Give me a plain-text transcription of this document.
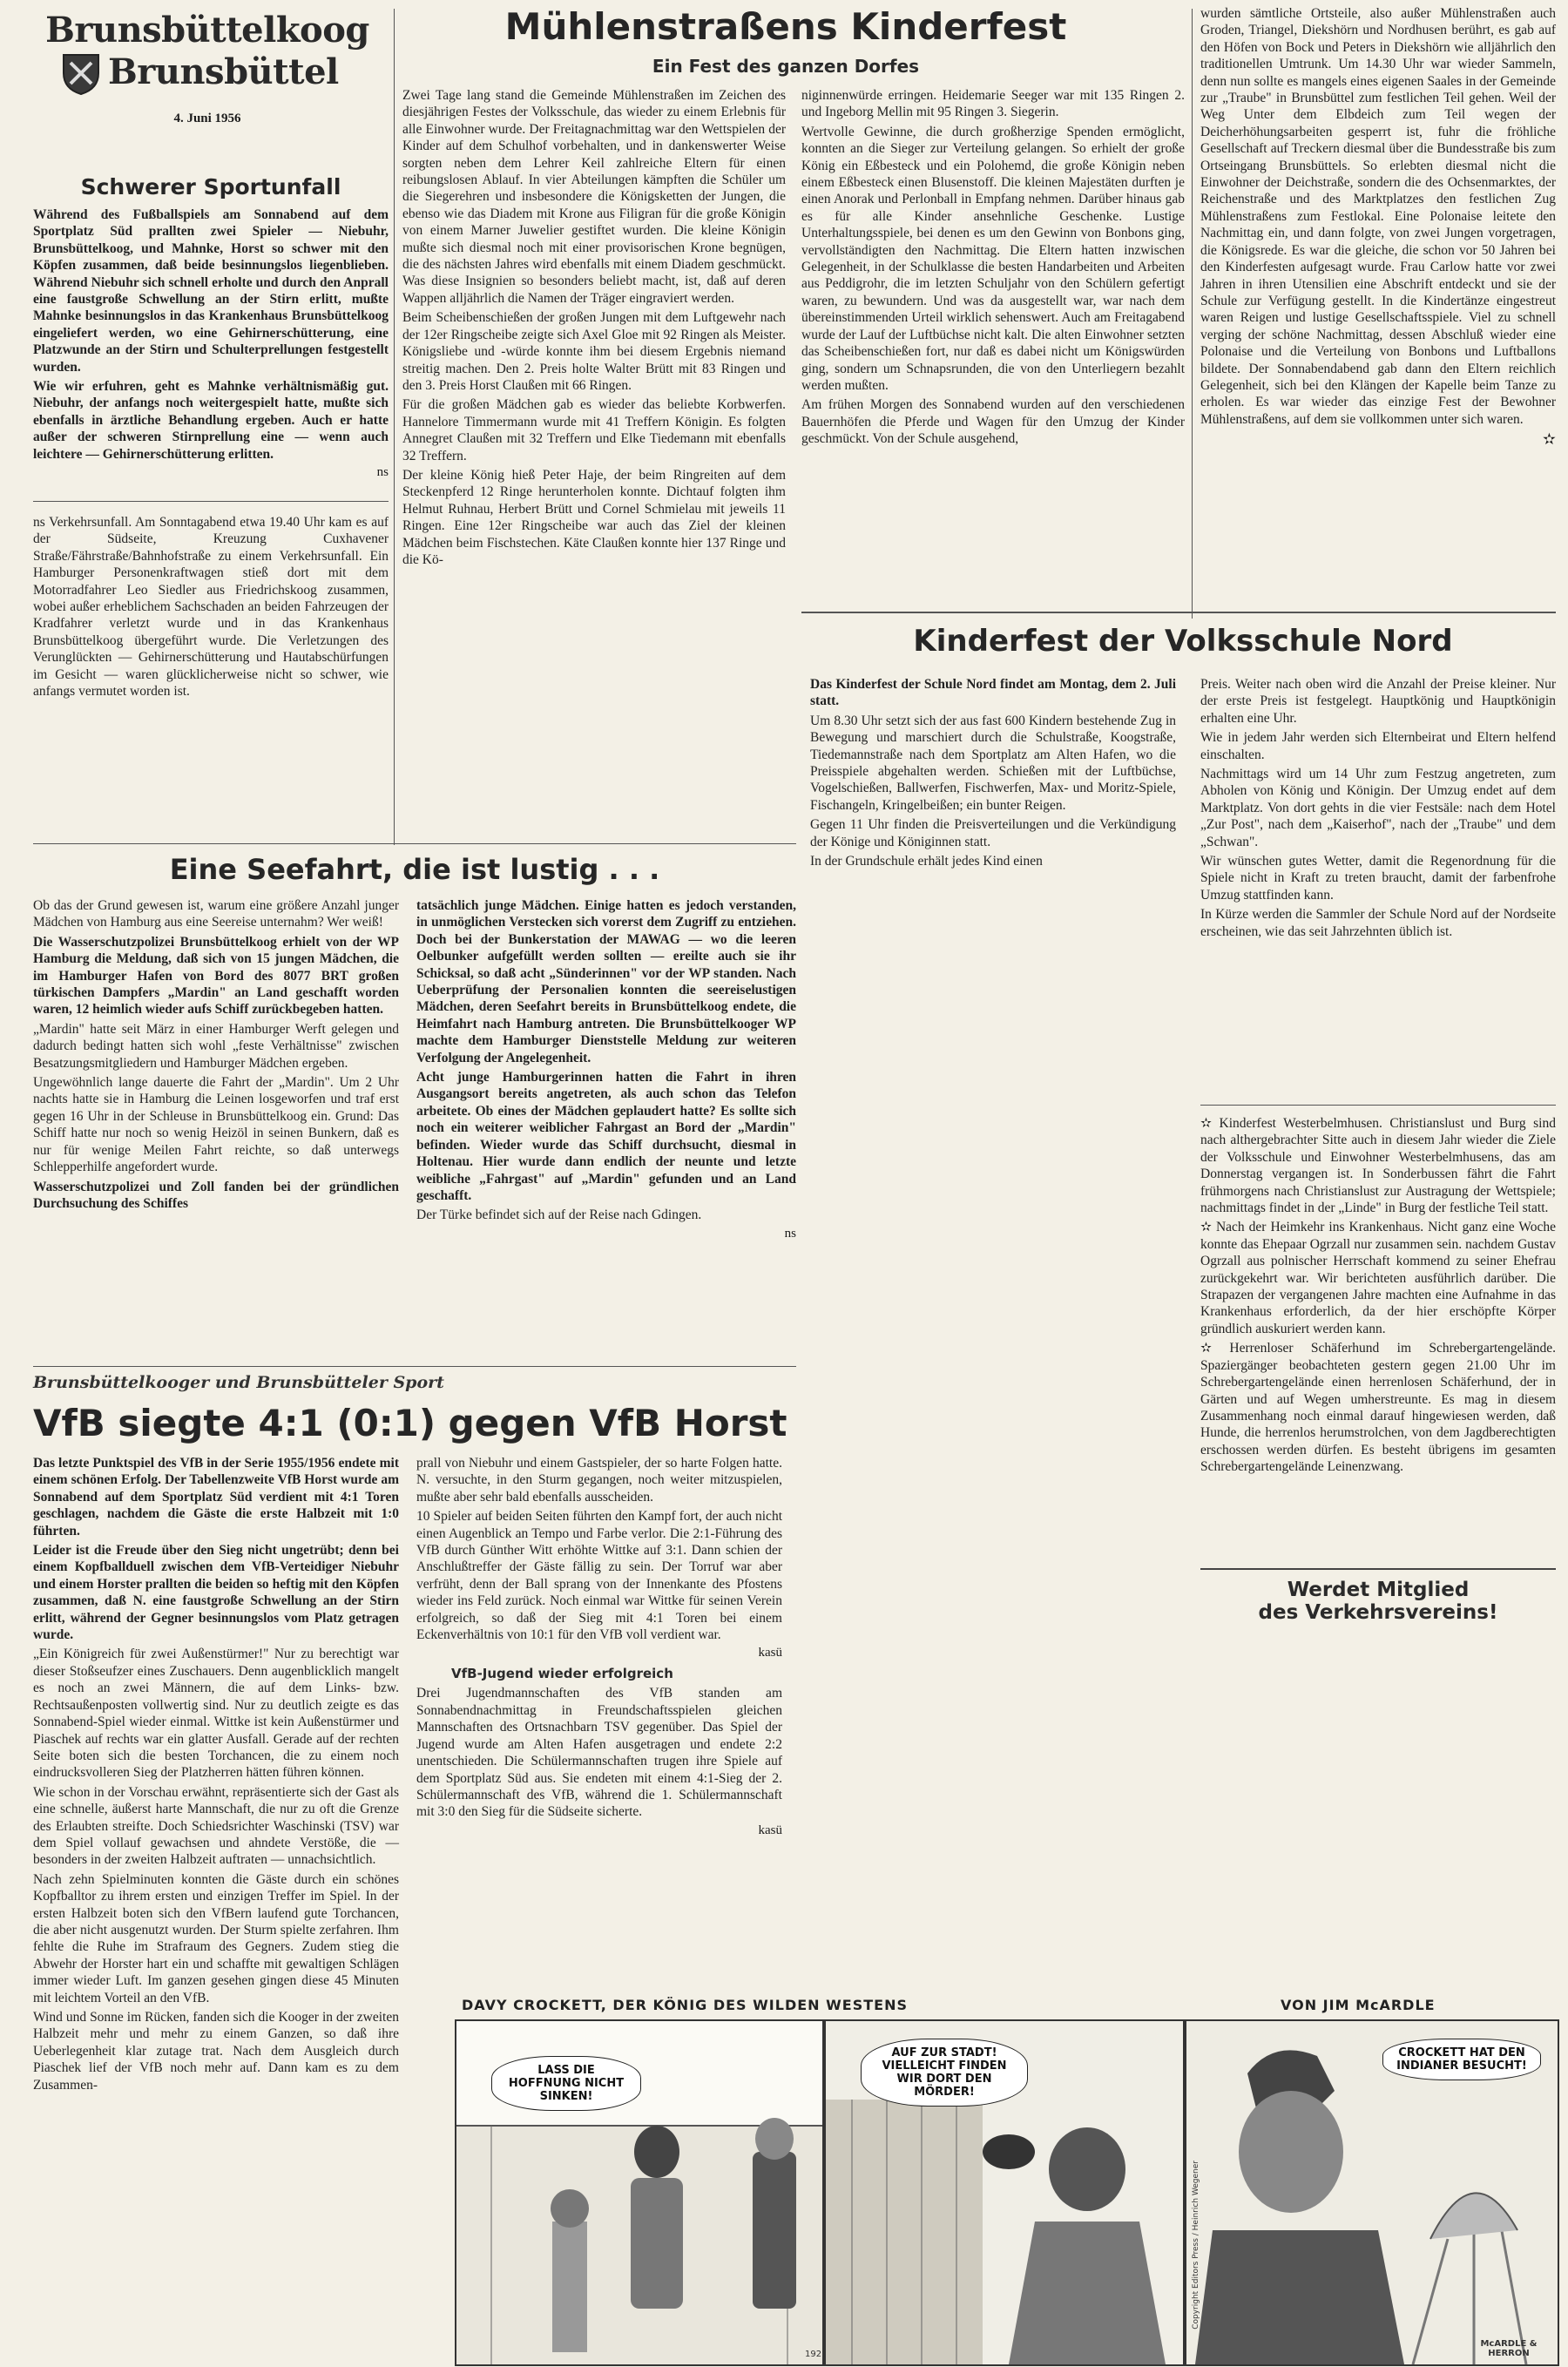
Brunsbüttelkoog
Brunsbüttel
4. Juni 1956
Schwerer Sportunfall

Während des Fußballspiels am Sonnabend auf dem Sportplatz Süd prallten zwei Spieler — Niebuhr, Brunsbüttelkoog, und Mahnke, Horst so schwer mit den Köpfen zusammen, daß beide besinnungslos liegenblieben. Während Niebuhr sich schnell erholte und durch den Anprall eine faustgroße Schwellung an der Stirn erlitt, mußte Mahnke besinnungslos in das Krankenhaus Brunsbüttelkoog eingeliefert werden, wo eine Gehirnerschütterung, eine Platzwunde an der Stirn und Schulterprellungen festgestellt wurden.

Wie wir erfuhren, geht es Mahnke verhältnismäßig gut. Niebuhr, der anfangs noch weitergespielt hatte, mußte sich ebenfalls in ärztliche Behandlung ergeben. Auch er hatte außer der schweren Stirnprellung eine — wenn auch leichtere — Gehirnerschütterung erlitten.

ns

ns Verkehrsunfall. Am Sonntagabend etwa 19.40 Uhr kam es auf der Südseite, Kreuzung Cuxhavener Straße/Fährstraße/Bahnhofstraße zu einem Verkehrsunfall. Ein Hamburger Personenkraftwagen stieß dort mit dem Motorradfahrer Leo Siedler aus Friedrichskoog zusammen, wobei außer erheblichem Sachschaden an beiden Fahrzeugen der Kradfahrer verletzt wurde und in das Krankenhaus Brunsbüttelkoog übergeführt wurde. Die Verletzungen des Verunglückten — Gehirnerschütterung und Hautabschürfungen im Gesicht — waren glücklicherweise nicht so schwer, wie anfangs vermutet worden ist.

Mühlenstraßens Kinderfest
Ein Fest des ganzen Dorfes

Zwei Tage lang stand die Gemeinde Mühlenstraßen im Zeichen des diesjährigen Festes der Volksschule, das wieder zu einem Erlebnis für alle Einwohner wurde. Der Freitagnachmittag war den Wettspielen der Kinder auf dem Schulhof vorbehalten, und in dankenswerter Weise sorgten neben dem Lehrer Keil zahlreiche Eltern für einen reibungslosen Ablauf. In vier Abteilungen kämpften die Schüler um die Siegerehren und insbesondere die Königsketten der Jungen, die ebenso wie das Diadem mit Krone aus Filigran für die große Königin von einem Marner Juwelier gestiftet wurden. Die kleine Königin mußte sich diesmal noch mit einer provisorischen Krone begnügen, die des nächsten Jahres wird ebenfalls mit einem Diadem geschmückt. Was diese Insignien so besonders beliebt macht, ist, daß auf deren Wappen alljährlich die Namen der Träger eingraviert werden.

Beim Scheibenschießen der großen Jungen mit dem Luftgewehr nach der 12er Ringscheibe zeigte sich Axel Gloe mit 92 Ringen als Meister. Königsliebe und -würde konnte ihm bei diesem Ergebnis niemand streitig machen. Den 2. Preis holte Walter Brütt mit 83 Ringen und den 3. Preis Horst Claußen mit 66 Ringen.

Für die großen Mädchen gab es wieder das beliebte Korbwerfen. Hannelore Timmermann wurde mit 41 Treffern Königin. Es folgten Annegret Claußen mit 32 Treffern und Elke Tiedemann mit ebenfalls 32 Treffern.

Der kleine König hieß Peter Haje, der beim Ringreiten auf dem Steckenpferd 12 Ringe herunterholen konnte. Dichtauf folgten ihm Helmut Ruhnau, Herbert Brütt und Cornel Schmielau mit jeweils 11 Ringen. Eine 12er Ringscheibe war auch das Ziel der kleinen Mädchen beim Fischstechen. Käte Claußen konnte hier 137 Ringe und die Kö-

niginnenwürde erringen. Heidemarie Seeger war mit 135 Ringen 2. und Ingeborg Mellin mit 95 Ringen 3. Siegerin.

Wertvolle Gewinne, die durch großherzige Spenden ermöglicht, konnten an die Sieger zur Verteilung gelangen. So erhielt der große König ein Eßbesteck und ein Polohemd, die große Königin neben einem Eßbesteck einen Blusenstoff. Die kleinen Majestäten durften je einen Anorak und Perlonball in Empfang nehmen. Darüber hinaus gab es für alle Kinder ansehnliche Geschenke. Lustige Unterhaltungsspiele, bei denen es um den Gewinn von Bonbons ging, vervollständigten den Nachmittag. Die Eltern hatten inzwischen Gelegenheit, in der Schulklasse die besten Handarbeiten und Arbeiten aus Peddigrohr, die im letzten Schuljahr von den Schülern gefertigt waren, zu bewundern. Und was da ausgestellt war, war nach dem übereinstimmenden Urteil wirklich sehenswert. Auch am Freitagabend wurde der Lauf der Luftbüchse nicht kalt. Die alten Einwohner setzten das Scheibenschießen fort, nur daß es dabei nicht um Königswürden ging, sondern um Schnapsrunden, die von den Unterliegern bezahlt werden mußten.

Am frühen Morgen des Sonnabend wurden auf den verschiedenen Bauernhöfen die Pferde und Wagen für den Umzug der Kinder geschmückt. Von der Schule ausgehend,

wurden sämtliche Ortsteile, also außer Mühlenstraßen auch Groden, Triangel, Diekshörn und Nordhusen berührt, es gab auf den Höfen von Bock und Peters in Diekshörn wie alljährlich den traditionellen Umtrunk. Um 14.30 Uhr war wieder Sammeln, denn nun sollte es mangels eines eigenen Saales in der Gemeinde zur „Traube" in Brunsbüttel zum festlichen Teil gehen. Weil der Weg Unter dem Elbdeich zum Teil wegen der Deicherhöhungsarbeiten gesperrt ist, fuhr die fröhliche Gesellschaft auf Treckern diesmal über die Bundesstraße bis zum Ortseingang Brunsbüttels. So erlebten diesmal nicht die Einwohner der Deichstraße, sondern die des Ochsenmarktes, der Reichenstraße und des Marktplatzes den festlichen Zug Mühlenstraßens zum Festlokal. Eine Polonaise leitete den Nachmittag ein, und dann folgte, von zwei Jungen vorgetragen, die Königsrede. Es war die gleiche, die schon vor 50 Jahren bei den Kinderfesten aufgesagt wurde. Frau Carlow hatte vor zwei Jahren in ihren Utensilien eine Abschrift entdeckt und sie der Schule zur Verfügung gestellt. In die Kindertänze eingestreut waren Reigen und lustige Gesellschaftsspiele. Viel zu schnell verging der schöne Nachmittag, dessen Abschluß wieder eine Polonaise und die Verteilung von Bonbons und Luftballons bildete. Der Sonnabendabend gab dann den Eltern reichlich Gelegenheit, sich bei den Klängen der Kapelle beim Tanze zu erholen. Es war wieder das einzige Fest der Bewohner Mühlenstraßens, auf dem sie vollkommen unter sich waren.

✫
Kinderfest der Volksschule Nord

Das Kinderfest der Schule Nord findet am Montag, dem 2. Juli statt.

Um 8.30 Uhr setzt sich der aus fast 600 Kindern bestehende Zug in Bewegung und marschiert durch die Schulstraße, Koogstraße, Tiedemannstraße nach dem Sportplatz am Alten Hafen, wo die Preisspiele abgehalten werden. Schießen mit der Luftbüchse, Vogelschießen, Ballwerfen, Fischwerfen, Max- und Moritz-Spiele, Fischangeln, Kringelbeißen; ein bunter Reigen.

Gegen 11 Uhr finden die Preisverteilungen und die Verkündigung der Könige und Königinnen statt.

In der Grundschule erhält jedes Kind einen

Preis. Weiter nach oben wird die Anzahl der Preise kleiner. Nur der erste Preis ist festgelegt. Hauptkönig und Hauptkönigin erhalten eine Uhr.

Wie in jedem Jahr werden sich Elternbeirat und Eltern helfend einschalten.

Nachmittags wird um 14 Uhr zum Festzug angetreten, zum Abholen von König und Königin. Der Umzug endet auf dem Marktplatz. Von dort gehts in die vier Festsäle: nach dem Hotel „Zur Post", nach dem „Kaiserhof", nach der „Traube" und dem „Schwan".

Wir wünschen gutes Wetter, damit die Regenordnung für die Spiele nicht in Kraft zu treten braucht, damit der farbenfrohe Umzug stattfinden kann.

In Kürze werden die Sammler der Schule Nord auf der Nordseite erscheinen, wie das seit Jahrzehnten üblich ist.

✫ Kinderfest Westerbelmhusen. Christianslust und Burg sind nach althergebrachter Sitte auch in diesem Jahr wieder die Ziele der Volksschule und Einwohner Westerbelmhusens, das am Donnerstag vergangen ist. In Sonderbussen fährt die Fahrt frühmorgens nach Christianslust zur Austragung der Wettspiele; nachmittags findet in der „Linde" in Burg der festliche Teil statt.

✫ Nach der Heimkehr ins Krankenhaus. Nicht ganz eine Woche konnte das Ehepaar Ogrzall nur zusammen sein. nachdem Gustav Ogrzall aus polnischer Herrschaft kommend zu seiner Ehefrau zurückgekehrt war. Wir berichteten ausführlich darüber. Die Strapazen der vergangenen Jahre machten eine Aufnahme in das Krankenhaus erforderlich, da der hier erschöpfte Körper gründlich auskuriert werden kann.

✫ Herrenloser Schäferhund im Schrebergartengelände. Spaziergänger beobachteten gestern gegen 21.00 Uhr im Schrebergartengelände einen herrenlosen Schäferhund, der in Gärten und auf Wegen umherstreunte. Es mag in diesem Zusammenhang noch einmal darauf hingewiesen werden, daß Hunde, die herrenlos herumstrolchen, von dem Jagdberechtigten erschossen werden dürfen. Es besteht übrigens im gesamten Schrebergartengelände Leinenzwang.

Werdet Mitglied
des Verkehrsvereins!
Eine Seefahrt, die ist lustig . . .

Ob das der Grund gewesen ist, warum eine größere Anzahl junger Mädchen von Hamburg aus eine Seereise unternahm? Wer weiß!

Die Wasserschutzpolizei Brunsbüttelkoog erhielt von der WP Hamburg die Meldung, daß sich von 15 jungen Mädchen, die im Hamburger Hafen von Bord des 8077 BRT großen türkischen Dampfers „Mardin" an Land geschafft worden waren, 12 heimlich wieder aufs Schiff zurückbegeben hatten.

„Mardin" hatte seit März in einer Hamburger Werft gelegen und dadurch bedingt hatten sich wohl „feste Verhältnisse" zwischen Besatzungsmitgliedern und Hamburger Mädchen ergeben.

Ungewöhnlich lange dauerte die Fahrt der „Mardin". Um 2 Uhr nachts hatte sie in Hamburg die Leinen losgeworfen und traf erst gegen 16 Uhr in der Schleuse in Brunsbüttelkoog ein. Grund: Das Schiff hatte nur noch so wenig Heizöl in seinen Bunkern, daß es nur für wenige Meilen Fahrt reichte, so daß unterwegs Schlepperhilfe angefordert wurde.

Wasserschutzpolizei und Zoll fanden bei der gründlichen Durchsuchung des Schiffes

tatsächlich junge Mädchen. Einige hatten es jedoch verstanden, in unmöglichen Verstecken sich vorerst dem Zugriff zu entziehen. Doch bei der Bunkerstation der MAWAG — wo die leeren Oelbunker aufgefüllt werden sollten — ereilte auch sie ihr Schicksal, so daß acht „Sünderinnen" vor der WP standen. Nach Ueberprüfung der Personalien konnten die seereiselustigen Mädchen, deren Seefahrt bereits in Brunsbüttelkoog endete, die Heimfahrt nach Hamburg antreten. Die Brunsbüttelkooger WP machte dem Hamburger Dienststelle Meldung zur weiteren Verfolgung der Angelegenheit.

Acht junge Hamburgerinnen hatten die Fahrt in ihren Ausgangsort bereits angetreten, als auch schon das Telefon arbeitete. Ob eines der Mädchen geplaudert hatte? Es sollte sich noch ein weiterer weiblicher Fahrgast an Bord der „Mardin" befinden. Wieder wurde das Schiff durchsucht, diesmal in Holtenau. Hier wurde dann endlich der neunte und letzte weibliche „Fahrgast" auf „Mardin" gefunden und an Land geschafft.

Der Türke befindet sich auf der Reise nach Gdingen.

ns
Brunsbüttelkooger und Brunsbütteler Sport
VfB siegte 4:1 (0:1) gegen VfB Horst

Das letzte Punktspiel des VfB in der Serie 1955/1956 endete mit einem schönen Erfolg. Der Tabellenzweite VfB Horst wurde am Sonnabend auf dem Sportplatz Süd verdient mit 4:1 Toren geschlagen, nachdem die Gäste die erste Halbzeit mit 1:0 führten.

Leider ist die Freude über den Sieg nicht ungetrübt; denn bei einem Kopfballduell zwischen dem VfB-Verteidiger Niebuhr und einem Horster prallten die beiden so heftig mit den Köpfen zusammen, daß N. eine faustgroße Schwellung an der Stirn erlitt, während der Gegner besinnungslos vom Platz getragen wurde.

„Ein Königreich für zwei Außenstürmer!" Nur zu berechtigt war dieser Stoßseufzer eines Zuschauers. Denn augenblicklich mangelt es noch an zwei Männern, die auf dem Links- bzw. Rechtsaußenposten vollwertig sind. Nur zu deutlich zeigte es das Sonnabend-Spiel wieder einmal. Wittke ist kein Außenstürmer und Piaschek auf rechts war ein glatter Ausfall. Gerade auf der rechten Seite boten sich die besten Torchancen, die zu einem noch eindrucksvolleren Sieg der Platzherren hätten führen können.

Wie schon in der Vorschau erwähnt, repräsentierte sich der Gast als eine schnelle, äußerst harte Mannschaft, die nur zu oft die Grenze des Erlaubten streifte. Doch Schiedsrichter Waschinski (TSV) war dem Spiel vollauf gewachsen und ahndete Verstöße, die — besonders in der zweiten Halbzeit auftraten — unnachsichtlich.

Nach zehn Spielminuten konnten die Gäste durch ein schönes Kopfballtor zu ihrem ersten und einzigen Treffer im Spiel. In der ersten Halbzeit boten sich den VfBern laufend gute Torchancen, die aber nicht ausgenutzt wurden. Der Sturm spielte zerfahren. Ihm fehlte die Ruhe im Strafraum des Gegners. Zudem stieg die Abwehr der Horster hart ein und schaffte mit gewaltigen Schlägen immer wieder Luft. Im ganzen gesehen gingen diese 45 Minuten mit leichtem Vorteil an den VfB.

Wind und Sonne im Rücken, fanden sich die Kooger in der zweiten Halbzeit mehr und mehr zu einem Ganzen, so daß ihre Ueberlegenheit klar zutage trat. Nach dem Ausgleich durch Piaschek lief der VfB noch mehr auf. Dann kam es zu dem Zusammen-

prall von Niebuhr und einem Gastspieler, der so harte Folgen hatte. N. versuchte, in den Sturm gegangen, noch weiter mitzuspielen, mußte aber sehr bald ebenfalls ausscheiden.

10 Spieler auf beiden Seiten führten den Kampf fort, der auch nicht einen Augenblick an Tempo und Farbe verlor. Die 2:1-Führung des VfB durch Günther Witt erhöhte Wittke auf 3:1. Dann schien der Anschlußtreffer der Gäste fällig zu sein. Der Torruf war aber verfrüht, denn der Ball sprang von der Innenkante des Pfostens wieder ins Feld zurück. Noch einmal war Wittke für seinen Verein erfolgreich, so daß der Sieg mit 4:1 Toren bei einem Eckenverhältnis von 10:1 für den VfB voll verdient war.

kasü
VfB-Jugend wieder erfolgreich

Drei Jugendmannschaften des VfB standen am Sonnabendnachmittag in Freundschaftsspielen gleichen Mannschaften des Ortsnachbarn TSV gegenüber. Das Spiel der Jugend wurde am Alten Hafen ausgetragen und endete 2:2 unentschieden. Die Schülermannschaften trugen ihre Spiele auf dem Sportplatz Süd aus. Sie endeten mit einem 4:1-Sieg der 2. Schülermannschaft des VfB, während die 1. Schülermannschaft mit 3:0 den Sieg für die Südseite sicherte.

kasü
DAVY CROCKETT, DER KÖNIG DES WILDEN WESTENS	VON JIM McARDLE
192
LASS DIE HOFFNUNG NICHT SINKEN!
AUF ZUR STADT! VIELLEICHT FINDEN WIR DORT DEN MÖRDER!
CROCKETT HAT DEN INDIANER BESUCHT!
Copyright Editors Press / Heinrich Wegener
McARDLE & HERRON
